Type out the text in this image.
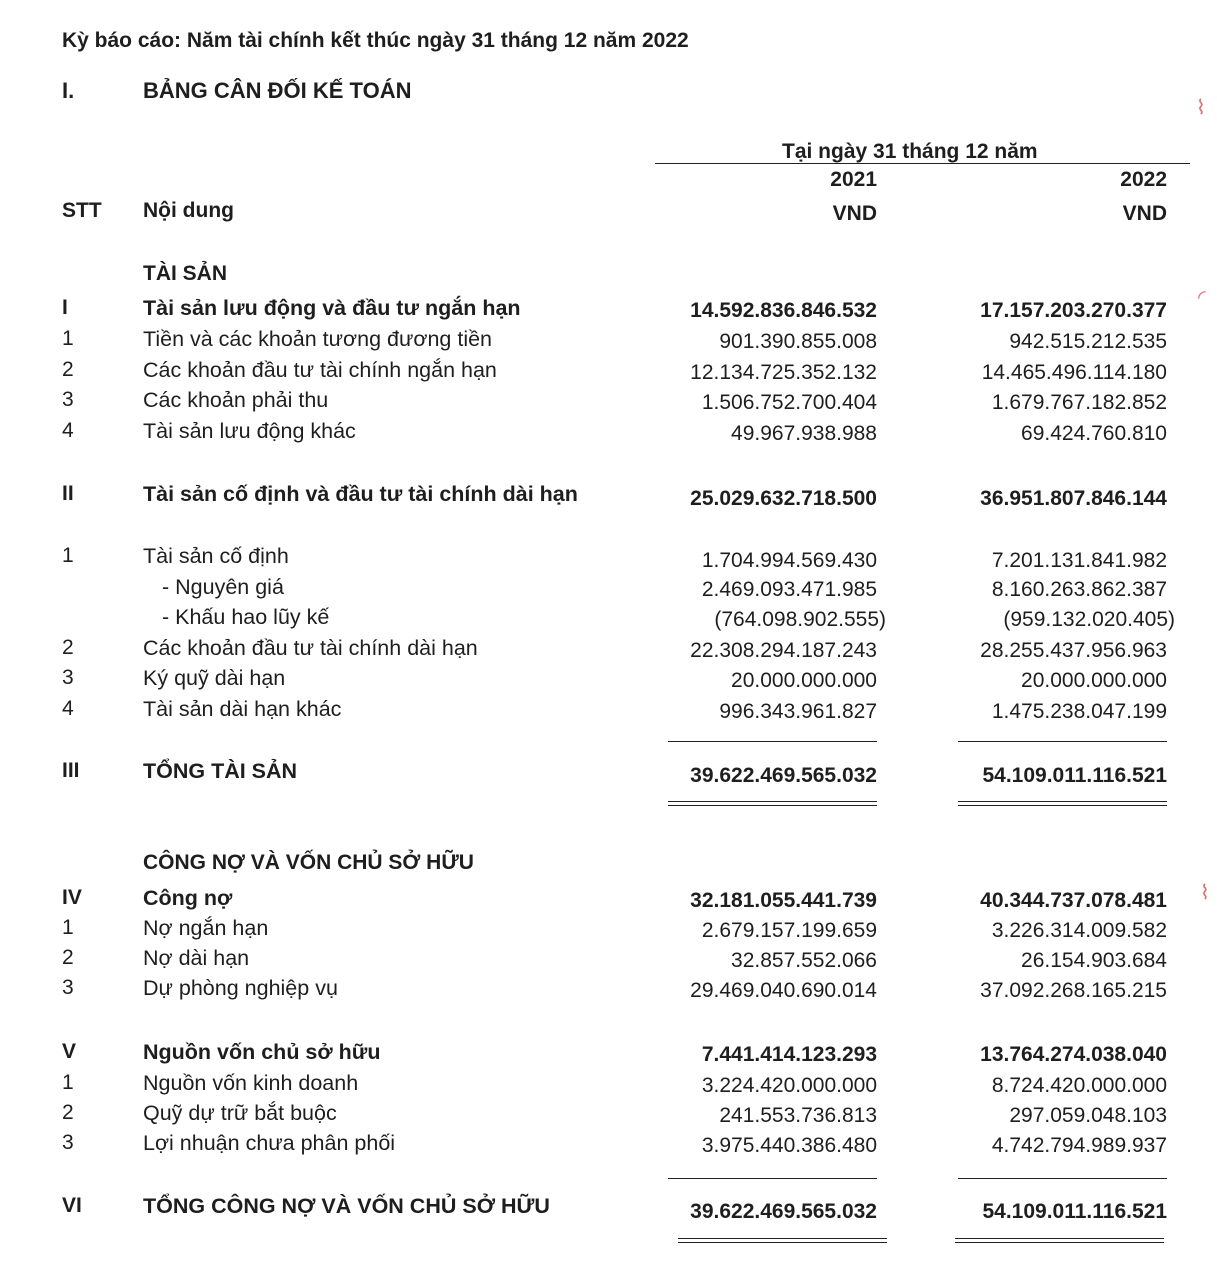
Kỳ báo cáo: Năm tài chính kết thúc ngày 31 tháng 12 năm 2022
I.	BẢNG CÂN ĐỐI KẾ TOÁN
Tại ngày 31 tháng 12 năm
2021	2022
VND	VND
STT Nội dung
TÀI SẢN
CÔNG NỢ VÀ VỐN CHỦ SỞ HỮU
I	Tài sản lưu động và đầu tư ngắn hạn	14.592.836.846.532	17.157.203.270.377
1	Tiền và các khoản tương đương tiền	901.390.855.008	942.515.212.535
2	Các khoản đầu tư tài chính ngắn hạn	12.134.725.352.132	14.465.496.114.180
3	Các khoản phải thu	1.506.752.700.404	1.679.767.182.852
4	Tài sản lưu động khác	49.967.938.988	69.424.760.810
II	Tài sản cố định và đầu tư tài chính dài hạn	25.029.632.718.500	36.951.807.846.144
1	Tài sản cố định	1.704.994.569.430	7.201.131.841.982
- Nguyên giá	2.469.093.471.985	8.160.263.862.387
- Khấu hao lũy kế	(764.098.902.555)	(959.132.020.405)
2	Các khoản đầu tư tài chính dài hạn	22.308.294.187.243	28.255.437.956.963
3	Ký quỹ dài hạn	20.000.000.000	20.000.000.000
4	Tài sản dài hạn khác	996.343.961.827	1.475.238.047.199
III	TỔNG TÀI SẢN	39.622.469.565.032	54.109.011.116.521
IV	Công nợ	32.181.055.441.739	40.344.737.078.481
1	Nợ ngắn hạn	2.679.157.199.659	3.226.314.009.582
2	Nợ dài hạn	32.857.552.066	26.154.903.684
3	Dự phòng nghiệp vụ	29.469.040.690.014	37.092.268.165.215
V	Nguồn vốn chủ sở hữu	7.441.414.123.293	13.764.274.038.040
1	Nguồn vốn kinh doanh	3.224.420.000.000	8.724.420.000.000
2	Quỹ dự trữ bắt buộc	241.553.736.813	297.059.048.103
3	Lợi nhuận chưa phân phối	3.975.440.386.480	4.742.794.989.937
VI	TỔNG CÔNG NỢ VÀ VỐN CHỦ SỞ HỮU	39.622.469.565.032	54.109.011.116.521
⌇
◜
⌇
